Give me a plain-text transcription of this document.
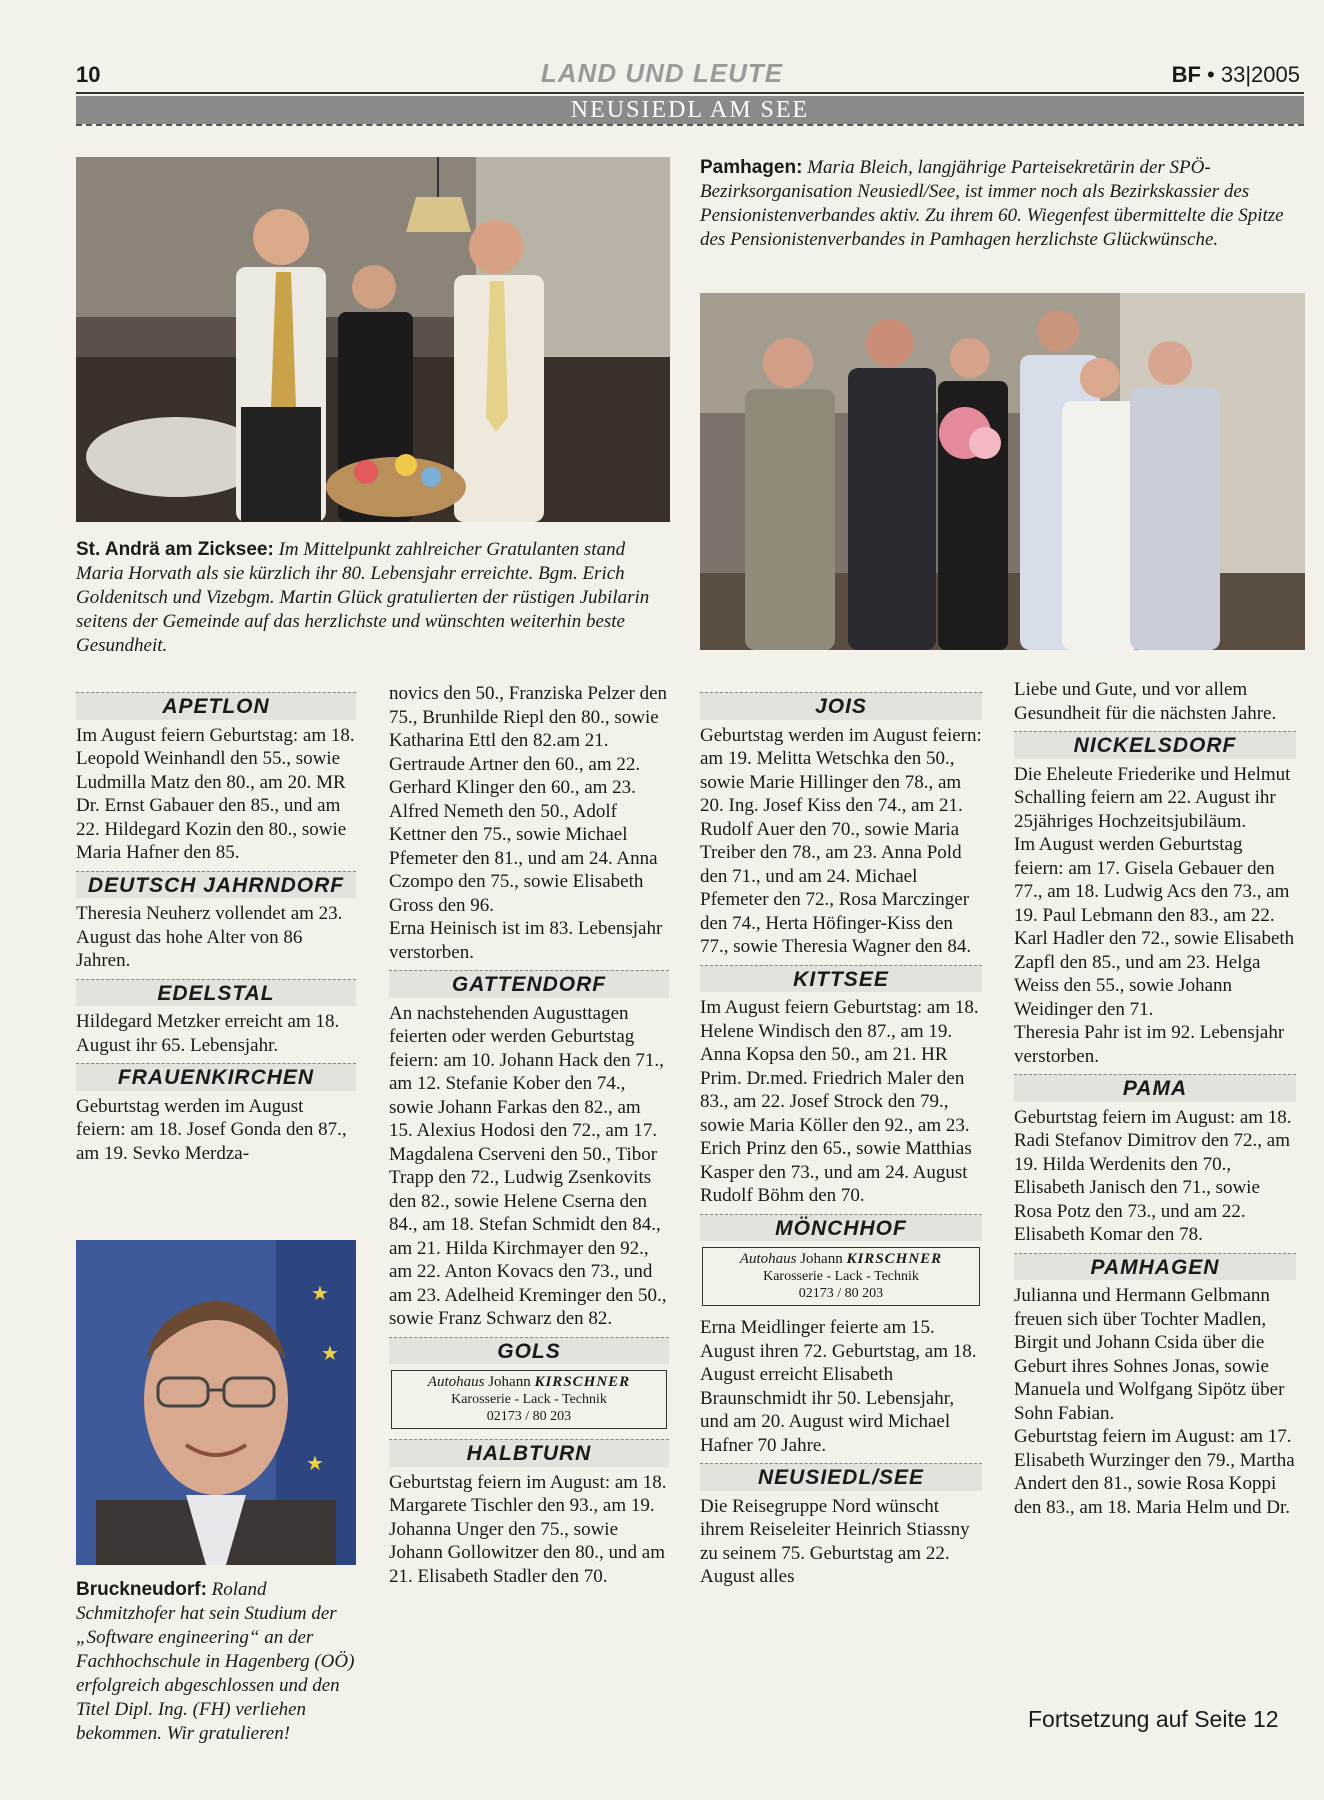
10	LAND UND LEUTE	BF • 33|2005
NEUSIEDL AM SEE
Pamhagen: Maria Bleich, langjährige Parteisekretärin der SPÖ-Bezirksorganisation Neusiedl/See, ist immer noch als Bezirkskassier des Pensionistenverbandes aktiv. Zu ihrem 60. Wiegenfest übermittelte die Spitze des Pensionistenverbandes in Pamhagen herzlichste Glückwünsche.
St. Andrä am Zicksee: Im Mittelpunkt zahlreicher Gratulanten stand Maria Horvath als sie kürzlich ihr 80. Lebensjahr erreichte. Bgm. Erich Goldenitsch und Vizebgm. Martin Glück gratulierten der rüstigen Jubilarin seitens der Gemeinde auf das herzlichste und wünschten weiterhin beste Gesundheit.
APETLON

Im August feiern Geburtstag: am 18. Leopold Weinhandl den 55., sowie Ludmilla Matz den 80., am 20. MR Dr. Ernst Gabauer den 85., und am 22. Hildegard Kozin den 80., sowie Maria Hafner den 85.

DEUTSCH JAHRNDORF

Theresia Neuherz vollendet am 23. August das hohe Alter von 86 Jahren.

EDELSTAL

Hildegard Metzker erreicht am 18. August ihr 65. Lebensjahr.

FRAUENKIRCHEN

Geburtstag werden im August feiern: am 18. Josef Gonda den 87., am 19. Sevko Merdza-

★
★
★
Bruckneudorf: Roland Schmitzhofer hat sein Studium der „Software engineering“ an der Fachhochschule in Hagenberg (OÖ) erfolgreich abgeschlossen und den Titel Dipl. Ing. (FH) verliehen bekommen. Wir gratulieren!

novics den 50., Franziska Pelzer den 75., Brunhilde Riepl den 80., sowie Katharina Ettl den 82.am 21. Gertraude Artner den 60., am 22. Gerhard Klinger den 60., am 23. Alfred Nemeth den 50., Adolf Kettner den 75., sowie Michael Pfemeter den 81., und am 24. Anna Czompo den 75., sowie Elisabeth Gross den 96.

Erna Heinisch ist im 83. Lebensjahr verstorben.

GATTENDORF

An nachstehenden Augusttagen feierten oder werden Geburtstag feiern: am 10. Johann Hack den 71., am 12. Stefanie Kober den 74., sowie Johann Farkas den 82., am 15. Alexius Hodosi den 72., am 17. Magdalena Cserveni den 50., Tibor Trapp den 72., Ludwig Zsenkovits den 82., sowie Helene Cserna den 84., am 18. Stefan Schmidt den 84., am 21. Hilda Kirchmayer den 92., am 22. Anton Kovacs den 73., und am 23. Adelheid Kreminger den 50., sowie Franz Schwarz den 82.

GOLS
Autohaus Johann KIRSCHNER
Karosserie - Lack - Technik
02173 / 80 203
HALBTURN

Geburtstag feiern im August: am 18. Margarete Tischler den 93., am 19. Johanna Unger den 75., sowie Johann Gollowitzer den 80., und am 21. Elisabeth Stadler den 70.

JOIS

Geburtstag werden im August feiern: am 19. Melitta Wetschka den 50., sowie Marie Hillinger den 78., am 20. Ing. Josef Kiss den 74., am 21. Rudolf Auer den 70., sowie Maria Treiber den 78., am 23. Anna Pold den 71., und am 24. Michael Pfemeter den 72., Rosa Marczinger den 74., Herta Höfinger-Kiss den 77., sowie Theresia Wagner den 84.

KITTSEE

Im August feiern Geburtstag: am 18. Helene Windisch den 87., am 19. Anna Kopsa den 50., am 21. HR Prim. Dr.med. Friedrich Maler den 83., am 22. Josef Strock den 79., sowie Maria Köller den 92., am 23. Erich Prinz den 65., sowie Matthias Kasper den 73., und am 24. August Rudolf Böhm den 70.

MÖNCHHOF
Autohaus Johann KIRSCHNER
Karosserie - Lack - Technik
02173 / 80 203

Erna Meidlinger feierte am 15. August ihren 72. Geburtstag, am 18. August erreicht Elisabeth Braunschmidt ihr 50. Lebensjahr, und am 20. August wird Michael Hafner 70 Jahre.

NEUSIEDL/SEE

Die Reisegruppe Nord wünscht ihrem Reiseleiter Heinrich Stiassny zu seinem 75. Geburtstag am 22. August alles

Liebe und Gute, und vor allem Gesundheit für die nächsten Jahre.

NICKELSDORF

Die Eheleute Friederike und Helmut Schalling feiern am 22. August ihr 25jähriges Hochzeitsjubiläum.

Im August werden Geburtstag feiern: am 17. Gisela Gebauer den 77., am 18. Ludwig Acs den 73., am 19. Paul Lebmann den 83., am 22. Karl Hadler den 72., sowie Elisabeth Zapfl den 85., und am 23. Helga Weiss den 55., sowie Johann Weidinger den 71.

Theresia Pahr ist im 92. Lebensjahr verstorben.

PAMA

Geburtstag feiern im August: am 18. Radi Stefanov Dimitrov den 72., am 19. Hilda Werdenits den 70., Elisabeth Janisch den 71., sowie Rosa Potz den 73., und am 22. Elisabeth Komar den 78.

PAMHAGEN

Julianna und Hermann Gelbmann freuen sich über Tochter Madlen, Birgit und Johann Csida über die Geburt ihres Sohnes Jonas, sowie Manuela und Wolfgang Sipötz über Sohn Fabian.

Geburtstag feiern im August: am 17. Elisabeth Wurzinger den 79., Martha Andert den 81., sowie Rosa Koppi den 83., am 18. Maria Helm und Dr.

Fortsetzung auf Seite 12
